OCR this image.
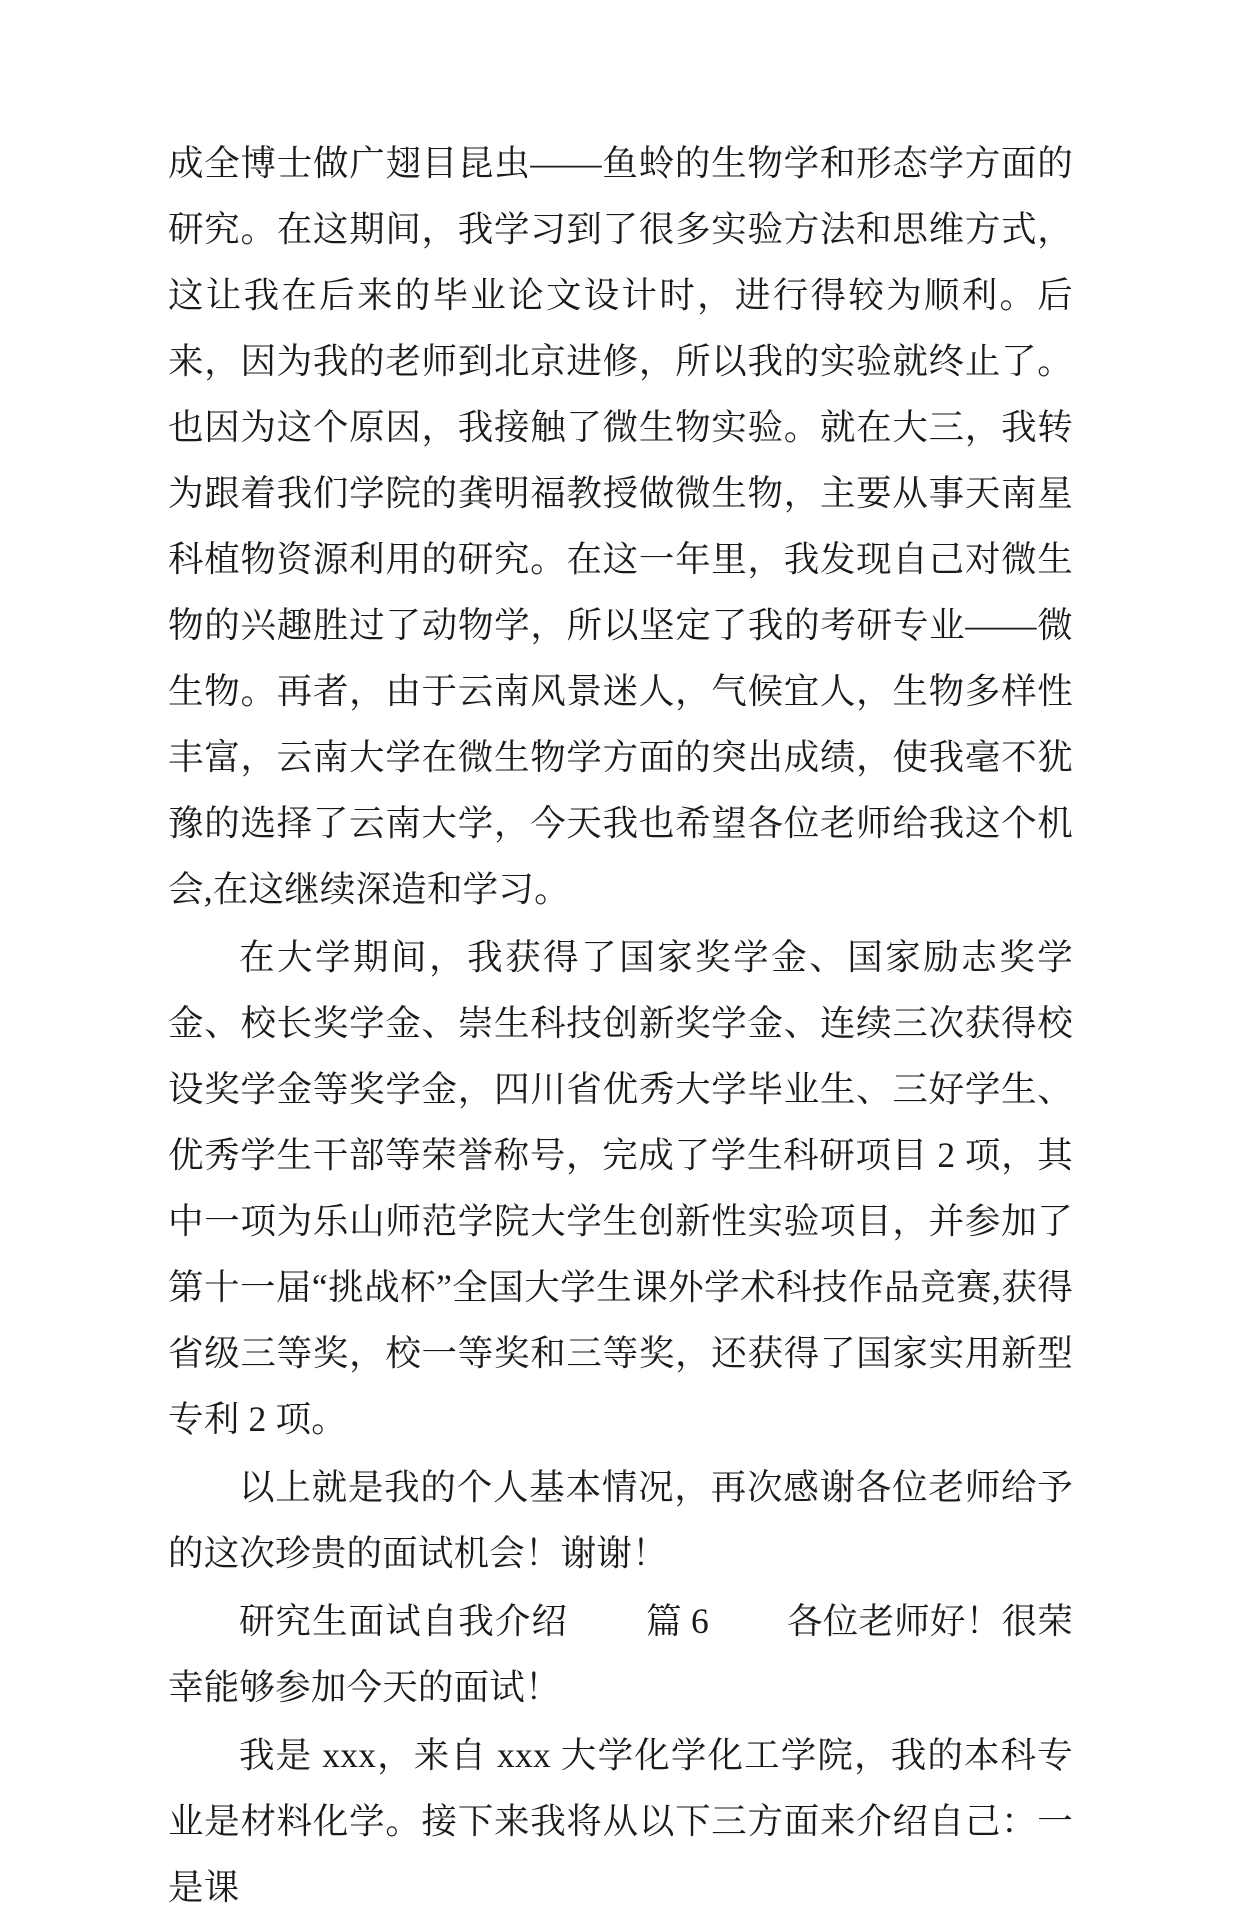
成全博士做广翅目昆虫——鱼蛉的生物学和形态学方面的研究。在这期间，我学习到了很多实验方法和思维方式，这让我在后来的毕业论文设计时，进行得较为顺利。后来，因为我的老师到北京进修，所以我的实验就终止了。也因为这个原因，我接触了微生物实验。就在大三，我转为跟着我们学院的龚明福教授做微生物，主要从事天南星科植物资源利用的研究。在这一年里，我发现自己对微生物的兴趣胜过了动物学，所以坚定了我的考研专业——微生物。再者，由于云南风景迷人，气候宜人，生物多样性丰富，云南大学在微生物学方面的突出成绩，使我毫不犹豫的选择了云南大学，今天我也希望各位老师给我这个机会,在这继续深造和学习。

在大学期间，我获得了国家奖学金、国家励志奖学金、校长奖学金、崇生科技创新奖学金、连续三次获得校设奖学金等奖学金，四川省优秀大学毕业生、三好学生、优秀学生干部等荣誉称号，完成了学生科研项目 2 项，其中一项为乐山师范学院大学生创新性实验项目，并参加了第十一届“挑战杯”全国大学生课外学术科技作品竞赛,获得省级三等奖，校一等奖和三等奖，还获得了国家实用新型专利 2 项。

以上就是我的个人基本情况，再次感谢各位老师给予的这次珍贵的面试机会！谢谢！

研究生面试自我介绍 篇 6 各位老师好！很荣幸能够参加今天的面试！

我是 xxx，来自 xxx 大学化学化工学院，我的本科专业是材料化学。接下来我将从以下三方面来介绍自己：一是课
